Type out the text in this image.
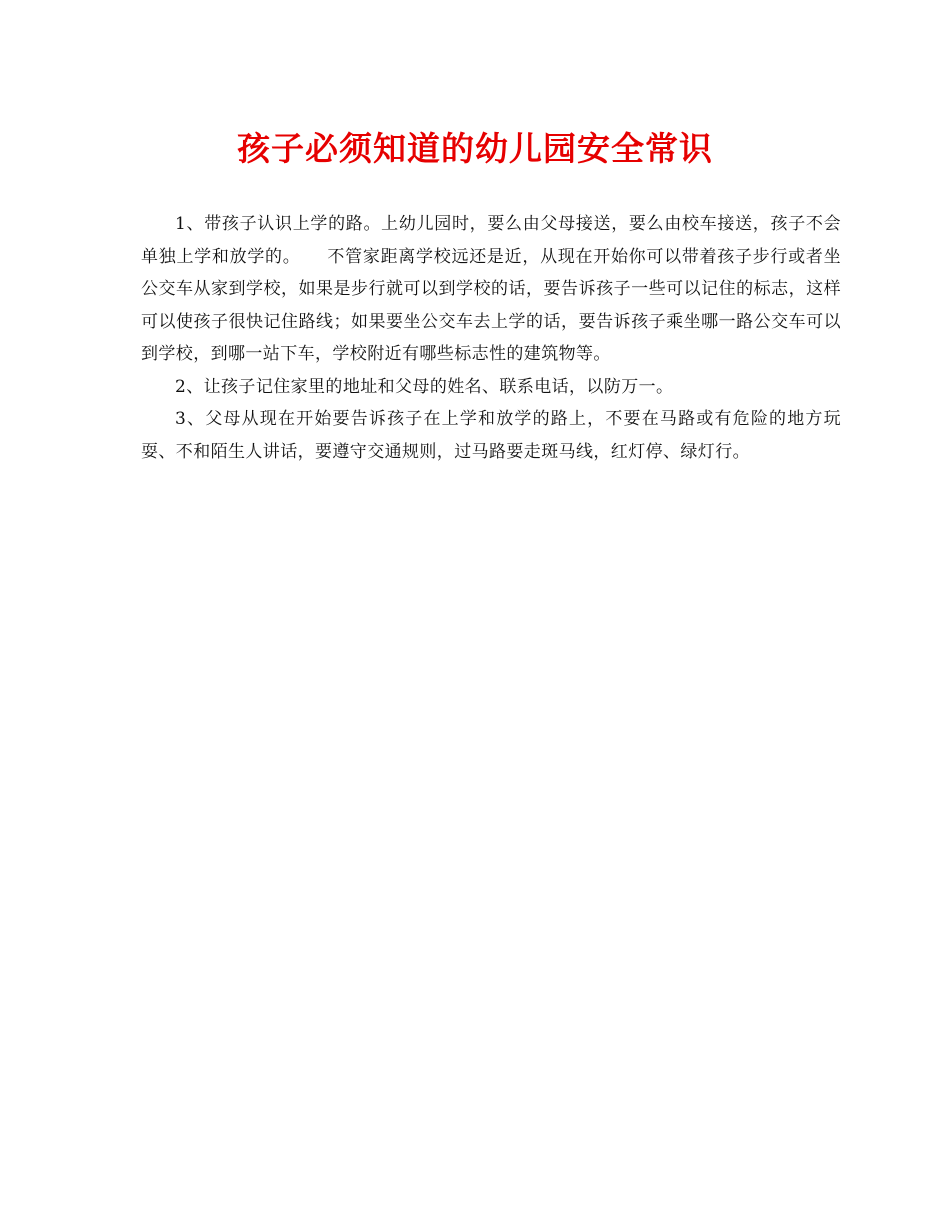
孩子必须知道的幼儿园安全常识

1、带孩子认识上学的路。上幼儿园时，要么由父母接送，要么由校车接送，孩子不会单独上学和放学的。　　不管家距离学校远还是近，从现在开始你可以带着孩子步行或者坐公交车从家到学校，如果是步行就可以到学校的话，要告诉孩子一些可以记住的标志，这样可以使孩子很快记住路线；如果要坐公交车去上学的话，要告诉孩子乘坐哪一路公交车可以到学校，到哪一站下车，学校附近有哪些标志性的建筑物等。

2、让孩子记住家里的地址和父母的姓名、联系电话，以防万一。

3、父母从现在开始要告诉孩子在上学和放学的路上，不要在马路或有危险的地方玩耍、不和陌生人讲话，要遵守交通规则，过马路要走斑马线，红灯停、绿灯行。
